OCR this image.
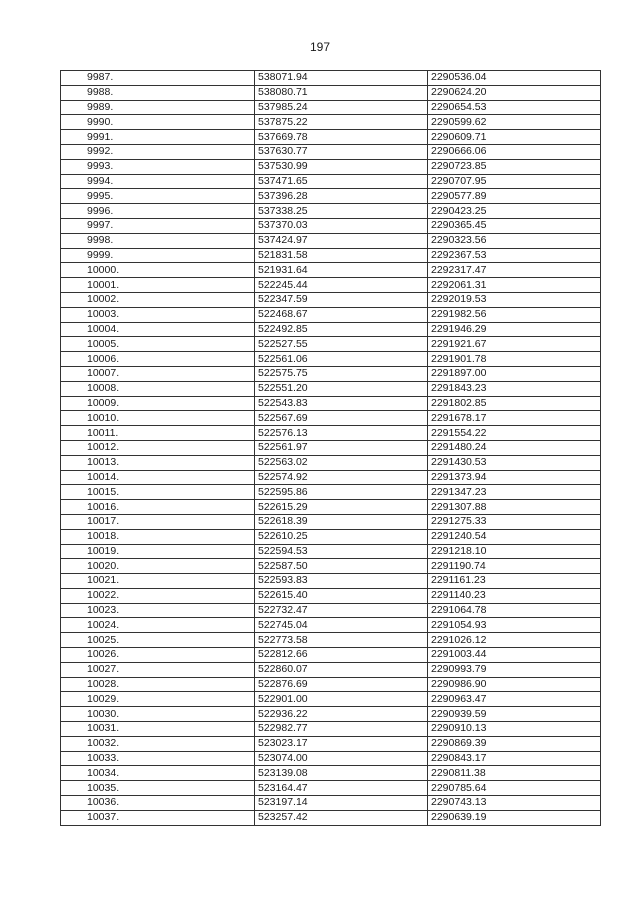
197
9987.	538071.94	2290536.04
9988.	538080.71	2290624.20
9989.	537985.24	2290654.53
9990.	537875.22	2290599.62
9991.	537669.78	2290609.71
9992.	537630.77	2290666.06
9993.	537530.99	2290723.85
9994.	537471.65	2290707.95
9995.	537396.28	2290577.89
9996.	537338.25	2290423.25
9997.	537370.03	2290365.45
9998.	537424.97	2290323.56
9999.	521831.58	2292367.53
10000.	521931.64	2292317.47
10001.	522245.44	2292061.31
10002.	522347.59	2292019.53
10003.	522468.67	2291982.56
10004.	522492.85	2291946.29
10005.	522527.55	2291921.67
10006.	522561.06	2291901.78
10007.	522575.75	2291897.00
10008.	522551.20	2291843.23
10009.	522543.83	2291802.85
10010.	522567.69	2291678.17
10011.	522576.13	2291554.22
10012.	522561.97	2291480.24
10013.	522563.02	2291430.53
10014.	522574.92	2291373.94
10015.	522595.86	2291347.23
10016.	522615.29	2291307.88
10017.	522618.39	2291275.33
10018.	522610.25	2291240.54
10019.	522594.53	2291218.10
10020.	522587.50	2291190.74
10021.	522593.83	2291161.23
10022.	522615.40	2291140.23
10023.	522732.47	2291064.78
10024.	522745.04	2291054.93
10025.	522773.58	2291026.12
10026.	522812.66	2291003.44
10027.	522860.07	2290993.79
10028.	522876.69	2290986.90
10029.	522901.00	2290963.47
10030.	522936.22	2290939.59
10031.	522982.77	2290910.13
10032.	523023.17	2290869.39
10033.	523074.00	2290843.17
10034.	523139.08	2290811.38
10035.	523164.47	2290785.64
10036.	523197.14	2290743.13
10037.	523257.42	2290639.19
